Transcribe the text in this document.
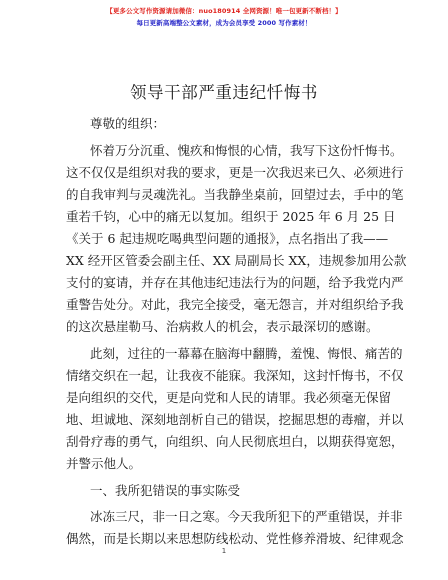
【更多公文写作资源请加微信：nuo180914 全网资源！唯一包更新不断档！】
每日更新高端整公文素材，成为会员享受 2000 写作素材！
领导干部严重违纪忏悔书
尊敬的组织：
怀着万分沉重、愧疚和悔恨的心情，我写下这份忏悔书。
这不仅仅是组织对我的要求，更是一次我迟来已久、必须进行
的自我审判与灵魂洗礼。当我静坐桌前，回望过去，手中的笔
重若千钧，心中的痛无以复加。组织于 2025 年 6 月 25 日
《关于 6 起违规吃喝典型问题的通报》，点名指出了我——
XX 经开区管委会副主任、XX 局副局长 XX，违规参加用公款
支付的宴请，并存在其他违纪违法行为的问题，给予我党内严
重警告处分。对此，我完全接受，毫无怨言，并对组织给予我
的这次悬崖勒马、治病救人的机会，表示最深切的感谢。
此刻，过往的一幕幕在脑海中翻腾，羞愧、悔恨、痛苦的
情绪交织在一起，让我夜不能寐。我深知，这封忏悔书，不仅
是向组织的交代，更是向党和人民的请罪。我必须毫无保留
地、坦诚地、深刻地剖析自己的错误，挖掘思想的毒瘤，并以
刮骨疗毒的勇气，向组织、向人民彻底坦白，以期获得宽恕，
并警示他人。
一、我所犯错误的事实陈受
冰冻三尺，非一日之寒。今天我所犯下的严重错误，并非
偶然，而是长期以来思想防线松动、党性修养滑坡、纪律观念
1
